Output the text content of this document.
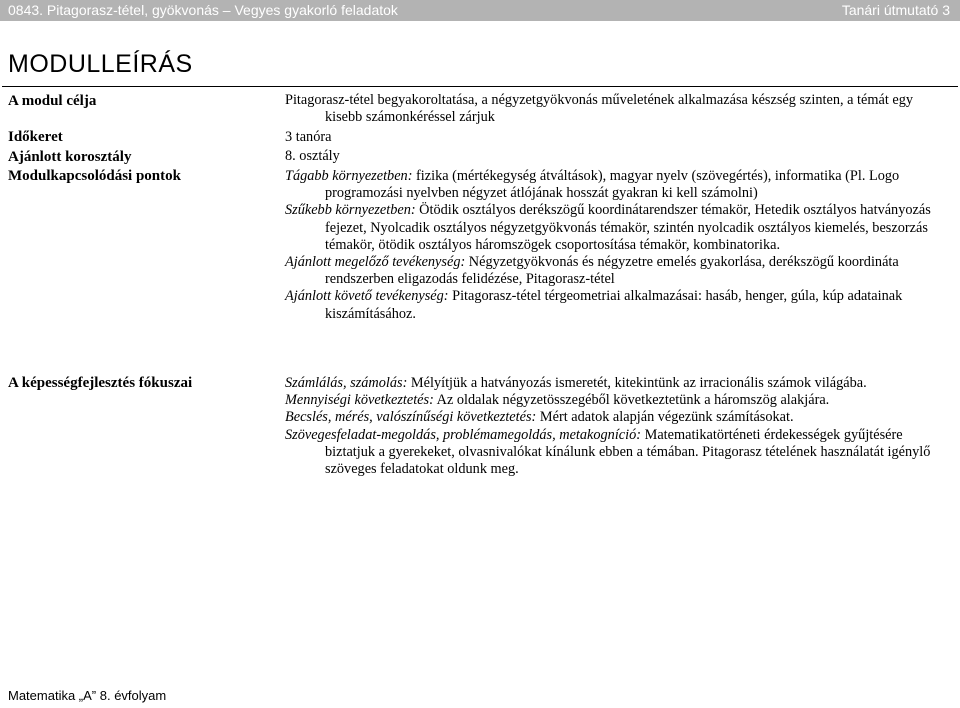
0843. Pitagorasz-tétel, gyökvonás – Vegyes gyakorló feladatok	Tanári útmutató 3
MODULLEÍRÁS
A modul célja	Pitagorasz-tétel begyakoroltatása, a négyzetgyökvonás műveletének alkalmazása készség szinten, a témát egy kisebb számonkéréssel zárjuk

Időkeret	3 tanóra

Ajánlott korosztály	8. osztály

Modulkapcsolódási pontok	Tágabb környezetben: fizika (mértékegység átváltások), magyar nyelv (szövegértés), informatika (Pl. Logo programozási nyelvben négyzet átlójának hosszát gyakran ki kell számolni)

Szűkebb környezetben: Ötödik osztályos derékszögű koordinátarendszer témakör, Hetedik osztályos hatványozás fejezet, Nyolcadik osztályos négyzetgyökvonás témakör, szintén nyolcadik osztályos kiemelés, beszorzás témakör, ötödik osztályos háromszögek csoportosítása témakör, kombinatorika.

Ajánlott megelőző tevékenység: Négyzetgyökvonás és négyzetre emelés gyakorlása, derékszögű koordináta rendszerben eligazodás felidézése, Pitagorasz-tétel

Ajánlott követő tevékenység: Pitagorasz-tétel térgeometriai alkalmazásai: hasáb, henger, gúla, kúp adatainak kiszámításához.

A képességfejlesztés fókuszai	Számlálás, számolás: Mélyítjük a hatványozás ismeretét, kitekintünk az irracionális számok világába.

Mennyiségi következtetés: Az oldalak négyzetösszegéből következtetünk a háromszög alakjára.

Becslés, mérés, valószínűségi következtetés: Mért adatok alapján végezünk számításokat.

Szövegesfeladat-megoldás, problémamegoldás, metakogníció: Matematikatörténeti érdekességek gyűjtésére biztatjuk a gyerekeket, olvasnivalókat kínálunk ebben a témában. Pitagorasz tételének használatát igénylő szöveges feladatokat oldunk meg.

Matematika „A” 8. évfolyam
